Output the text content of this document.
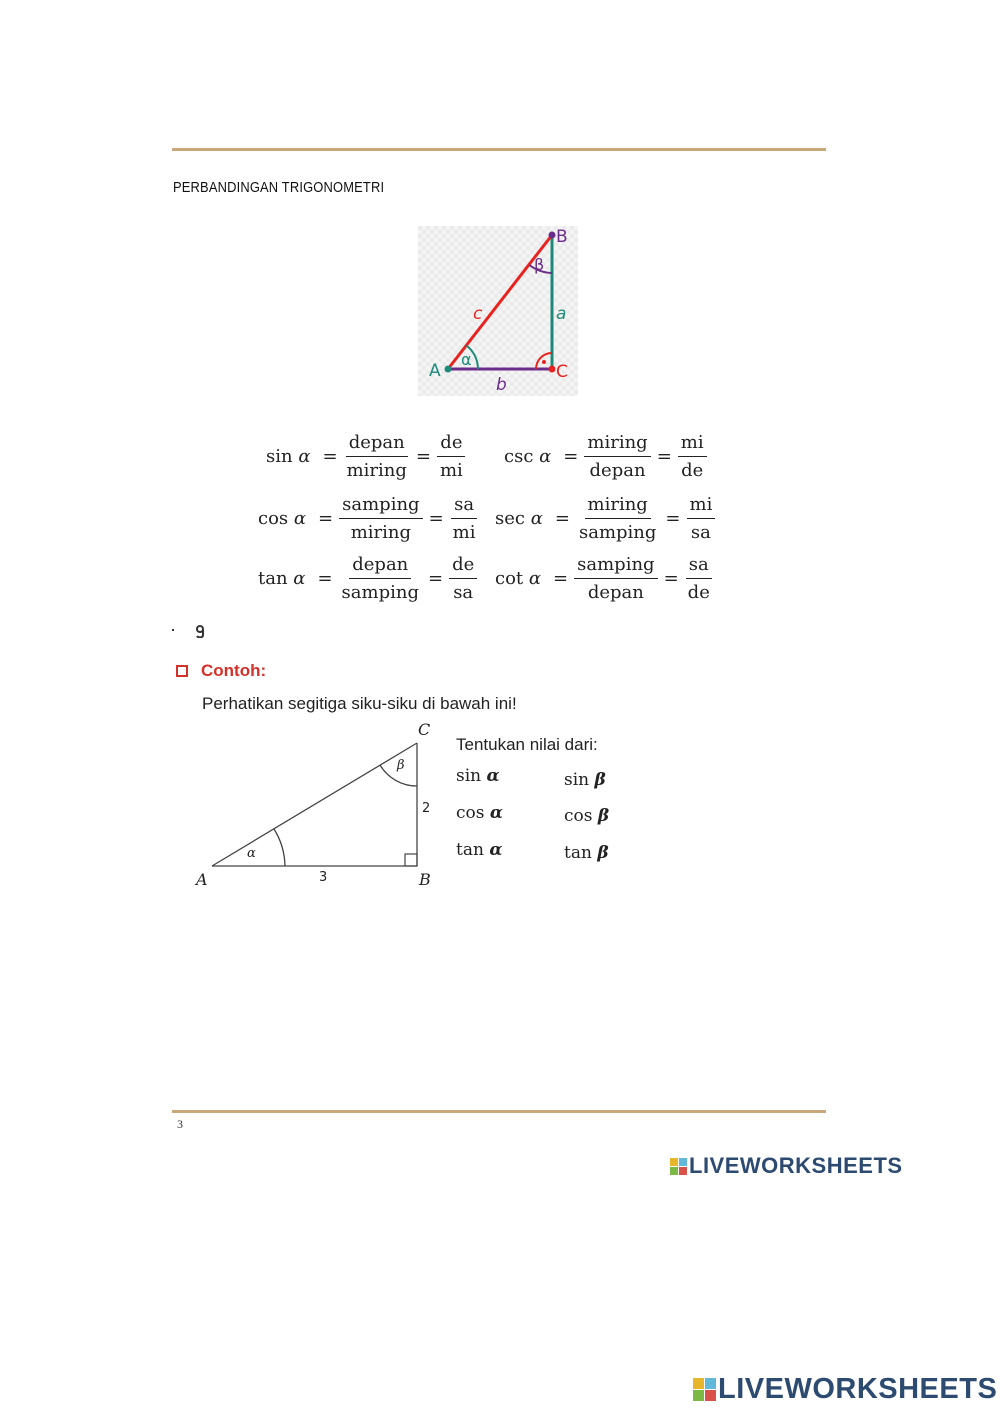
PERBANDINGAN TRIGONOMETRI
A
B
C
a
b
c
α
β
$\sin \alpha = \frac{\text{depan}}{\text{miring}} = \frac{de}{mi}$ $\csc \alpha = \frac{\text{miring}}{\text{depan}} = \frac{mi}{de}$
$\cos \alpha = \frac{\text{samping}}{\text{miring}} = \frac{sa}{mi}$ $\sec \alpha = \frac{\text{miring}}{\text{samping}} = \frac{mi}{sa}$
$\tan \alpha = \frac{\text{depan}}{\text{samping}} = \frac{de}{sa}$ $\cot \alpha = \frac{\text{samping}}{\text{depan}} = \frac{sa}{de}$
Contoh:
Perhatikan segitiga siku-siku di bawah ini!
A	B
C
3
2
α
β
Tentukan nilai dari:
sin α	sin β
cos α	cos β
tan α	tan β
3
LIVEWORKSHEETS
LIVEWORKSHEETS
